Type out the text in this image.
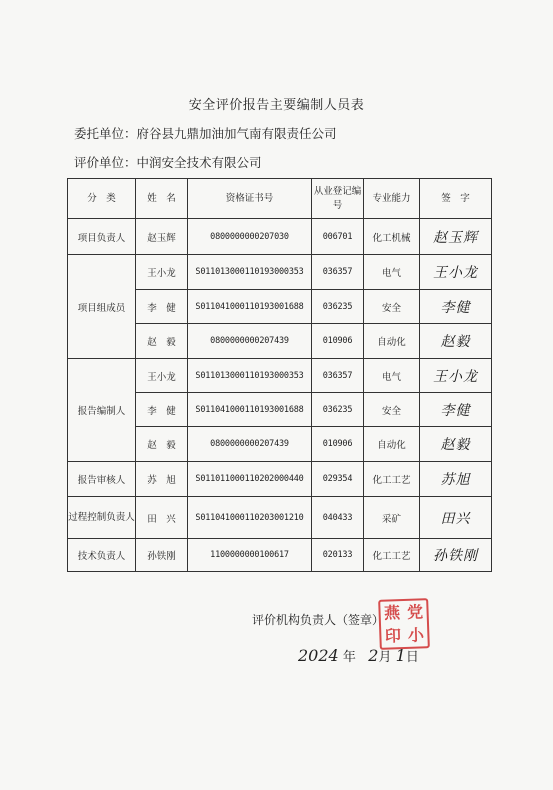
安全评价报告主要编制人员表
委托单位：府谷县九鼎加油加气南有限责任公司
评价单位：中润安全技术有限公司
分　类	姓　名	资格证书号	从业登记编号	专业能力	签　字
项目负责人	赵玉辉	0800000000207030	006701	化工机械	赵玉辉
项目组成员	王小龙	S011013000110193000353	036357	电气	王小龙
	李　健	S011041000110193001688	036235	安全	李健
	赵　毅	0800000000207439	010906	自动化	赵毅
报告编制人	王小龙	S011013000110193000353	036357	电气	王小龙
	李　健	S011041000110193001688	036235	安全	李健
	赵　毅	0800000000207439	010906	自动化	赵毅
报告审核人	苏　旭	S011011000110202000440	029354	化工工艺	苏旭
过程控制负责人	田　兴	S011041000110203001210	040433	采矿	田兴
技术负责人	孙铁刚	1100000000100617	020133	化工工艺	孙铁刚
评价机构负责人（签章） 燕 党
印 小
2024 年 2月 1日
